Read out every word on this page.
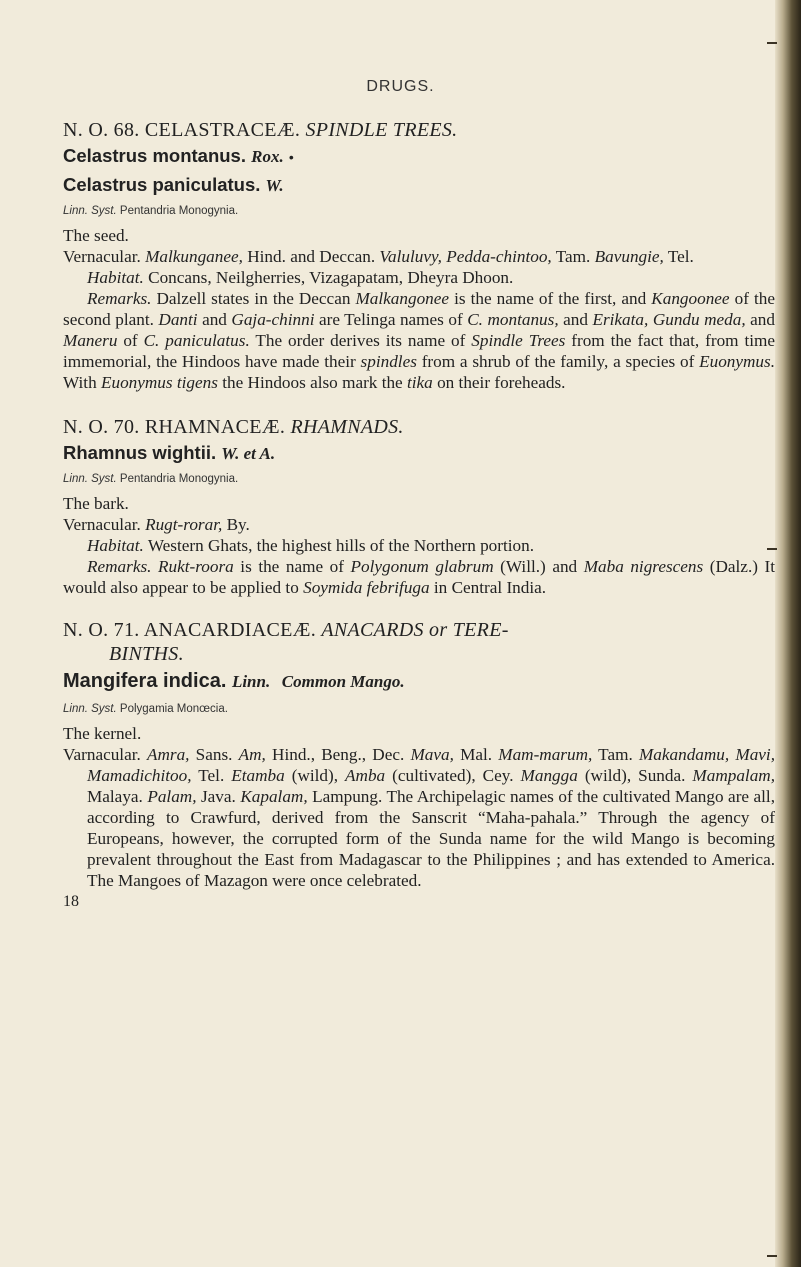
DRUGS.

N. O. 68. CELASTRACEÆ. SPINDLE TREES.

Celastrus montanus. Rox. •

Celastrus paniculatus. W.

Linn. Syst. Pentandria Monogynia.

The seed.

Vernacular. Malkunganee, Hind. and Deccan. Valuluvy, Pedda-chintoo, Tam. Bavungie, Tel.

Habitat. Concans, Neilgherries, Vizagapatam, Dheyra Dhoon.

Remarks. Dalzell states in the Deccan Malkangonee is the name of the first, and Kangoonee of the second plant. Danti and Gaja-chinni are Telinga names of C. montanus, and Erikata, Gundu meda, and Maneru of C. paniculatus. The order derives its name of Spindle Trees from the fact that, from time immemorial, the Hindoos have made their spindles from a shrub of the family, a species of Euonymus. With Euonymus tigens the Hindoos also mark the tika on their foreheads.

N. O. 70. RHAMNACEÆ. RHAMNADS.

Rhamnus wightii. W. et A.

Linn. Syst. Pentandria Monogynia.

The bark.

Vernacular. Rugt-rorar, By.

Habitat. Western Ghats, the highest hills of the Northern portion.

Remarks. Rukt-roora is the name of Polygonum glabrum (Will.) and Maba nigrescens (Dalz.) It would also appear to be applied to Soymida febrifuga in Central India.

N. O. 71. ANACARDIACEÆ. ANACARDS or TERE-
BINTHS.

Mangifera indica. Linn. Common Mango.

Linn. Syst. Polygamia Monœcia.

The kernel.

Varnacular. Amra, Sans. Am, Hind., Beng., Dec. Mava, Mal. Mam-marum, Tam. Makandamu, Mavi, Mamadichitoo, Tel. Etamba (wild), Amba (cultivated), Cey. Mangga (wild), Sunda. Mampalam, Malaya. Palam, Java. Kapalam, Lampung. The Archipelagic names of the cultivated Mango are all, according to Crawfurd, derived from the Sanscrit “Maha-pahala.” Through the agency of Europeans, however, the corrupted form of the Sunda name for the wild Mango is becoming prevalent throughout the East from Madagascar to the Philippines ; and has extended to America. The Mangoes of Mazagon were once celebrated.

18
